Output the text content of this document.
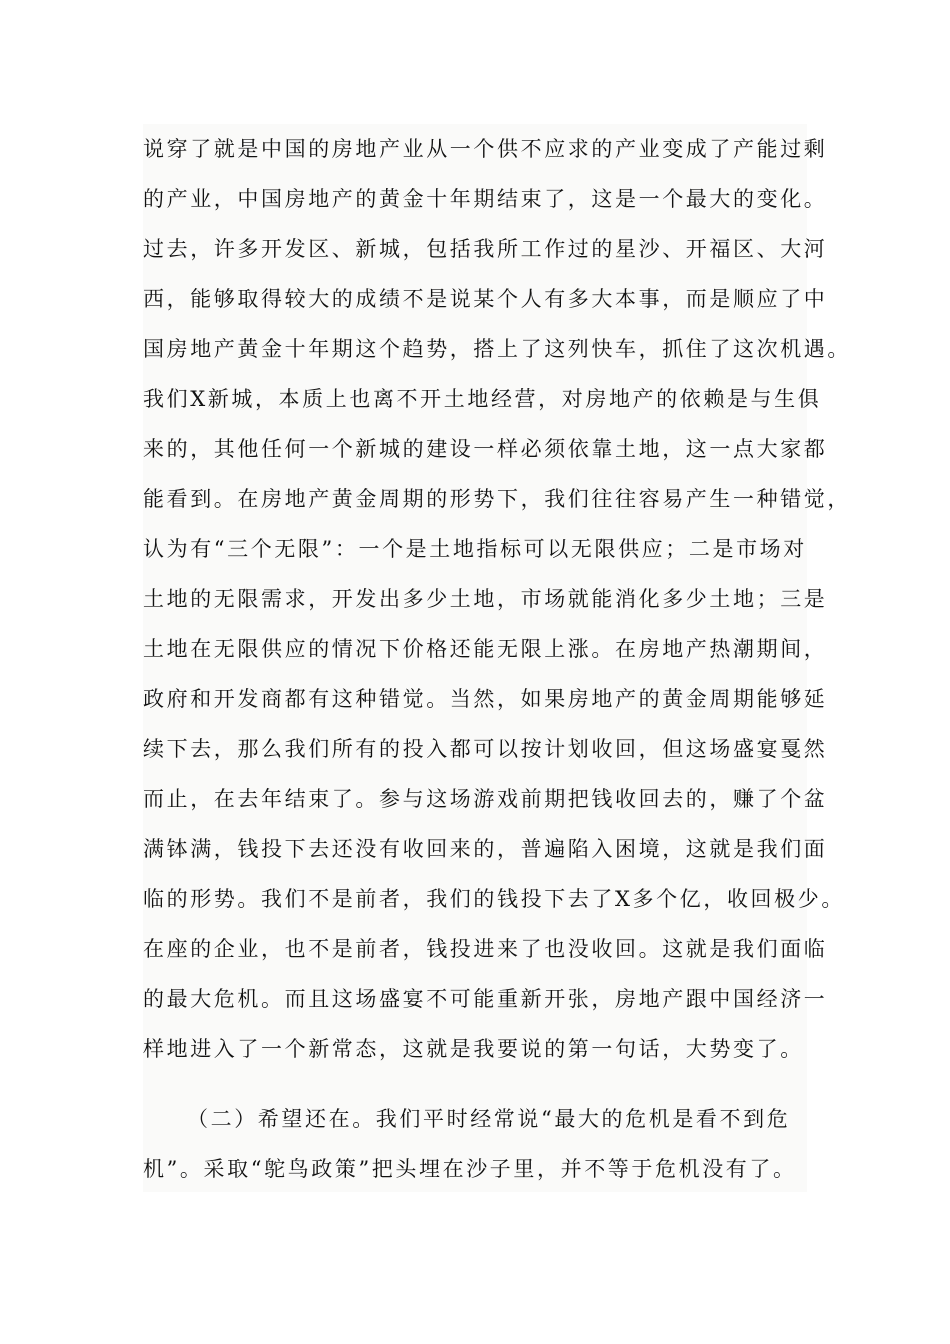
说穿了就是中国的房地产业从一个供不应求的产业变成了产能过剩
的产业，中国房地产的黄金十年期结束了，这是一个最大的变化。
过去，许多开发区、新城，包括我所工作过的星沙、开福区、大河
西，能够取得较大的成绩不是说某个人有多大本事，而是顺应了中
国房地产黄金十年期这个趋势，搭上了这列快车，抓住了这次机遇。
我们X新城，本质上也离不开土地经营，对房地产的依赖是与生俱
来的，其他任何一个新城的建设一样必须依靠土地，这一点大家都
能看到。在房地产黄金周期的形势下，我们往往容易产生一种错觉，
认为有“三个无限”：一个是土地指标可以无限供应；二是市场对
土地的无限需求，开发出多少土地，市场就能消化多少土地；三是
土地在无限供应的情况下价格还能无限上涨。在房地产热潮期间，
政府和开发商都有这种错觉。当然，如果房地产的黄金周期能够延
续下去，那么我们所有的投入都可以按计划收回，但这场盛宴戛然
而止，在去年结束了。参与这场游戏前期把钱收回去的，赚了个盆
满钵满，钱投下去还没有收回来的，普遍陷入困境，这就是我们面
临的形势。我们不是前者，我们的钱投下去了X多个亿，收回极少。
在座的企业，也不是前者，钱投进来了也没收回。这就是我们面临
的最大危机。而且这场盛宴不可能重新开张，房地产跟中国经济一
样地进入了一个新常态，这就是我要说的第一句话，大势变了。
（二）希望还在。我们平时经常说“最大的危机是看不到危
机”。采取“鸵鸟政策”把头埋在沙子里，并不等于危机没有了。
